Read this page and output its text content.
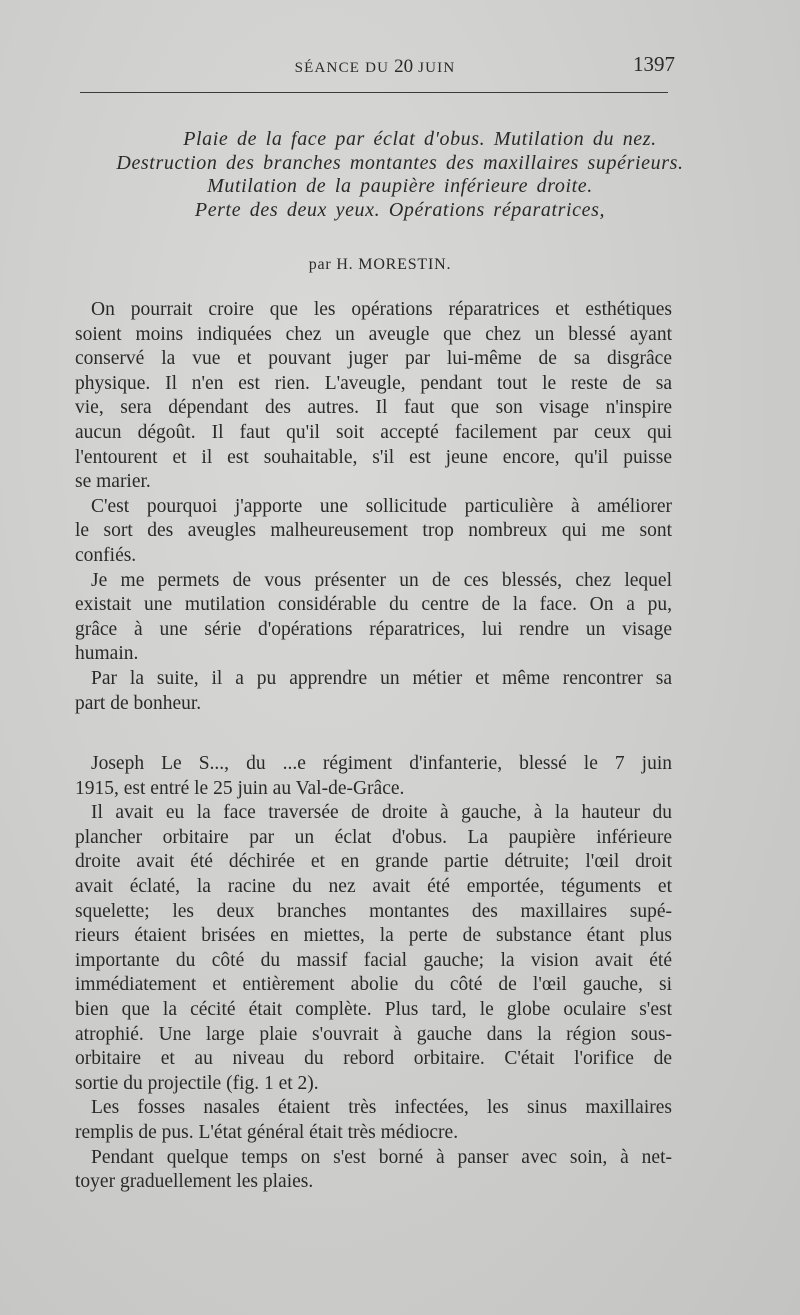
SÉANCE DU 20 JUIN	1397
Plaie de la face par éclat d'obus. Mutilation du nez.
Destruction des branches montantes des maxillaires supérieurs.
Mutilation de la paupière inférieure droite.
Perte des deux yeux. Opérations réparatrices,
par H. MORESTIN.
On pourrait croire que les opérations réparatrices et esthétiques
soient moins indiquées chez un aveugle que chez un blessé ayant
conservé la vue et pouvant juger par lui-même de sa disgrâce
physique. Il n'en est rien. L'aveugle, pendant tout le reste de sa
vie, sera dépendant des autres. Il faut que son visage n'inspire
aucun dégoût. Il faut qu'il soit accepté facilement par ceux qui
l'entourent et il est souhaitable, s'il est jeune encore, qu'il puisse
se marier.
C'est pourquoi j'apporte une sollicitude particulière à améliorer
le sort des aveugles malheureusement trop nombreux qui me sont
confiés.
Je me permets de vous présenter un de ces blessés, chez lequel
existait une mutilation considérable du centre de la face. On a pu,
grâce à une série d'opérations réparatrices, lui rendre un visage
humain.
Par la suite, il a pu apprendre un métier et même rencontrer sa
part de bonheur.
Joseph Le S..., du ...e régiment d'infanterie, blessé le 7 juin
1915, est entré le 25 juin au Val-de-Grâce.
Il avait eu la face traversée de droite à gauche, à la hauteur du
plancher orbitaire par un éclat d'obus. La paupière inférieure
droite avait été déchirée et en grande partie détruite; l'œil droit
avait éclaté, la racine du nez avait été emportée, téguments et
squelette; les deux branches montantes des maxillaires supé-
rieurs étaient brisées en miettes, la perte de substance étant plus
importante du côté du massif facial gauche; la vision avait été
immédiatement et entièrement abolie du côté de l'œil gauche, si
bien que la cécité était complète. Plus tard, le globe oculaire s'est
atrophié. Une large plaie s'ouvrait à gauche dans la région sous-
orbitaire et au niveau du rebord orbitaire. C'était l'orifice de
sortie du projectile (fig. 1 et 2).
Les fosses nasales étaient très infectées, les sinus maxillaires
remplis de pus. L'état général était très médiocre.
Pendant quelque temps on s'est borné à panser avec soin, à net-
toyer graduellement les plaies.
